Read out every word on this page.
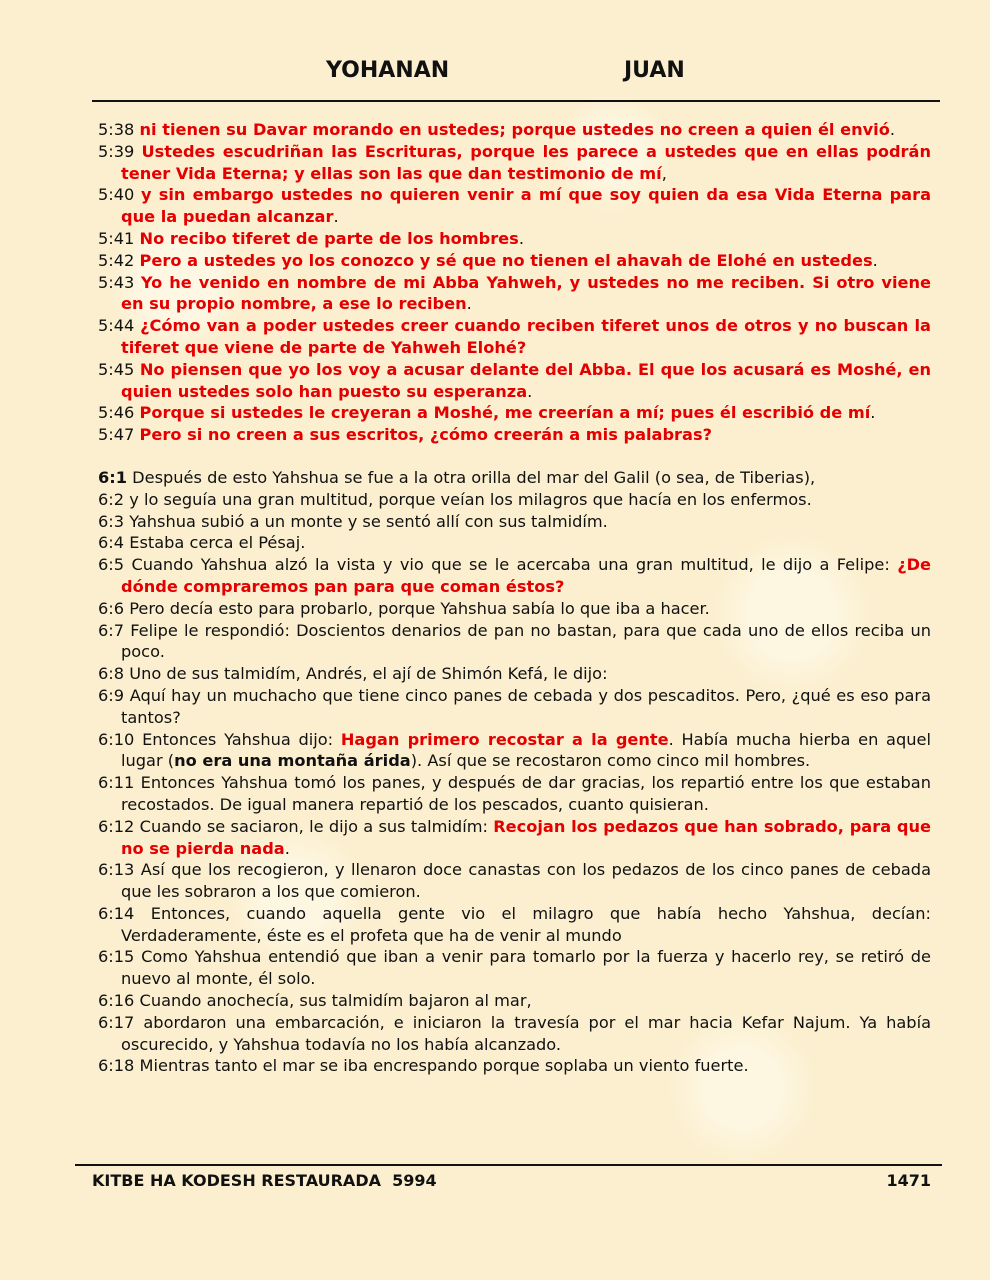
YOHANAN	JUAN

5:38 ni tienen su Davar morando en ustedes; porque ustedes no creen a quien él envió.

5:39 Ustedes escudriñan las Escrituras, porque les parece a ustedes que en ellas podrán tener Vida Eterna; y ellas son las que dan testimonio de mí,

5:40 y sin embargo ustedes no quieren venir a mí que soy quien da esa Vida Eterna para que la puedan alcanzar.

5:41 No recibo tiferet de parte de los hombres.

5:42 Pero a ustedes yo los conozco y sé que no tienen el ahavah de Elohé en ustedes.

5:43 Yo he venido en nombre de mi Abba Yahweh, y ustedes no me reciben. Si otro viene en su propio nombre, a ese lo reciben.

5:44 ¿Cómo van a poder ustedes creer cuando reciben tiferet unos de otros y no buscan la tiferet que viene de parte de Yahweh Elohé?

5:45 No piensen que yo los voy a acusar delante del Abba. El que los acusará es Moshé, en quien ustedes solo han puesto su esperanza.

5:46 Porque si ustedes le creyeran a Moshé, me creerían a mí; pues él escribió de mí.

5:47 Pero si no creen a sus escritos, ¿cómo creerán a mis palabras?

6:1 Después de esto Yahshua se fue a la otra orilla del mar del Galil (o sea, de Tiberias),

6:2 y lo seguía una gran multitud, porque veían los milagros que hacía en los enfermos.

6:3 Yahshua subió a un monte y se sentó allí con sus talmidím.

6:4 Estaba cerca el Pésaj.

6:5 Cuando Yahshua alzó la vista y vio que se le acercaba una gran multitud, le dijo a Felipe: ¿De dónde compraremos pan para que coman éstos?

6:6 Pero decía esto para probarlo, porque Yahshua sabía lo que iba a hacer.

6:7 Felipe le respondió: Doscientos denarios de pan no bastan, para que cada uno de ellos reciba un poco.

6:8 Uno de sus talmidím, Andrés, el ají de Shimón Kefá, le dijo:

6:9 Aquí hay un muchacho que tiene cinco panes de cebada y dos pescaditos. Pero, ¿qué es eso para tantos?

6:10 Entonces Yahshua dijo: Hagan primero recostar a la gente. Había mucha hierba en aquel lugar (no era una montaña árida). Así que se recostaron como cinco mil hombres.

6:11 Entonces Yahshua tomó los panes, y después de dar gracias, los repartió entre los que estaban recostados. De igual manera repartió de los pescados, cuanto quisieran.

6:12 Cuando se saciaron, le dijo a sus talmidím: Recojan los pedazos que han sobrado, para que no se pierda nada.

6:13 Así que los recogieron, y llenaron doce canastas con los pedazos de los cinco panes de cebada que les sobraron a los que comieron.

6:14 Entonces, cuando aquella gente vio el milagro que había hecho Yahshua, decían: Verdaderamente, éste es el profeta que ha de venir al mundo

6:15 Como Yahshua entendió que iban a venir para tomarlo por la fuerza y hacerlo rey, se retiró de nuevo al monte, él solo.

6:16 Cuando anochecía, sus talmidím bajaron al mar,

6:17 abordaron una embarcación, e iniciaron la travesía por el mar hacia Kefar Najum. Ya había oscurecido, y Yahshua todavía no los había alcanzado.

6:18 Mientras tanto el mar se iba encrespando porque soplaba un viento fuerte.

KITBE HA KODESH RESTAURADA  5994	1471
